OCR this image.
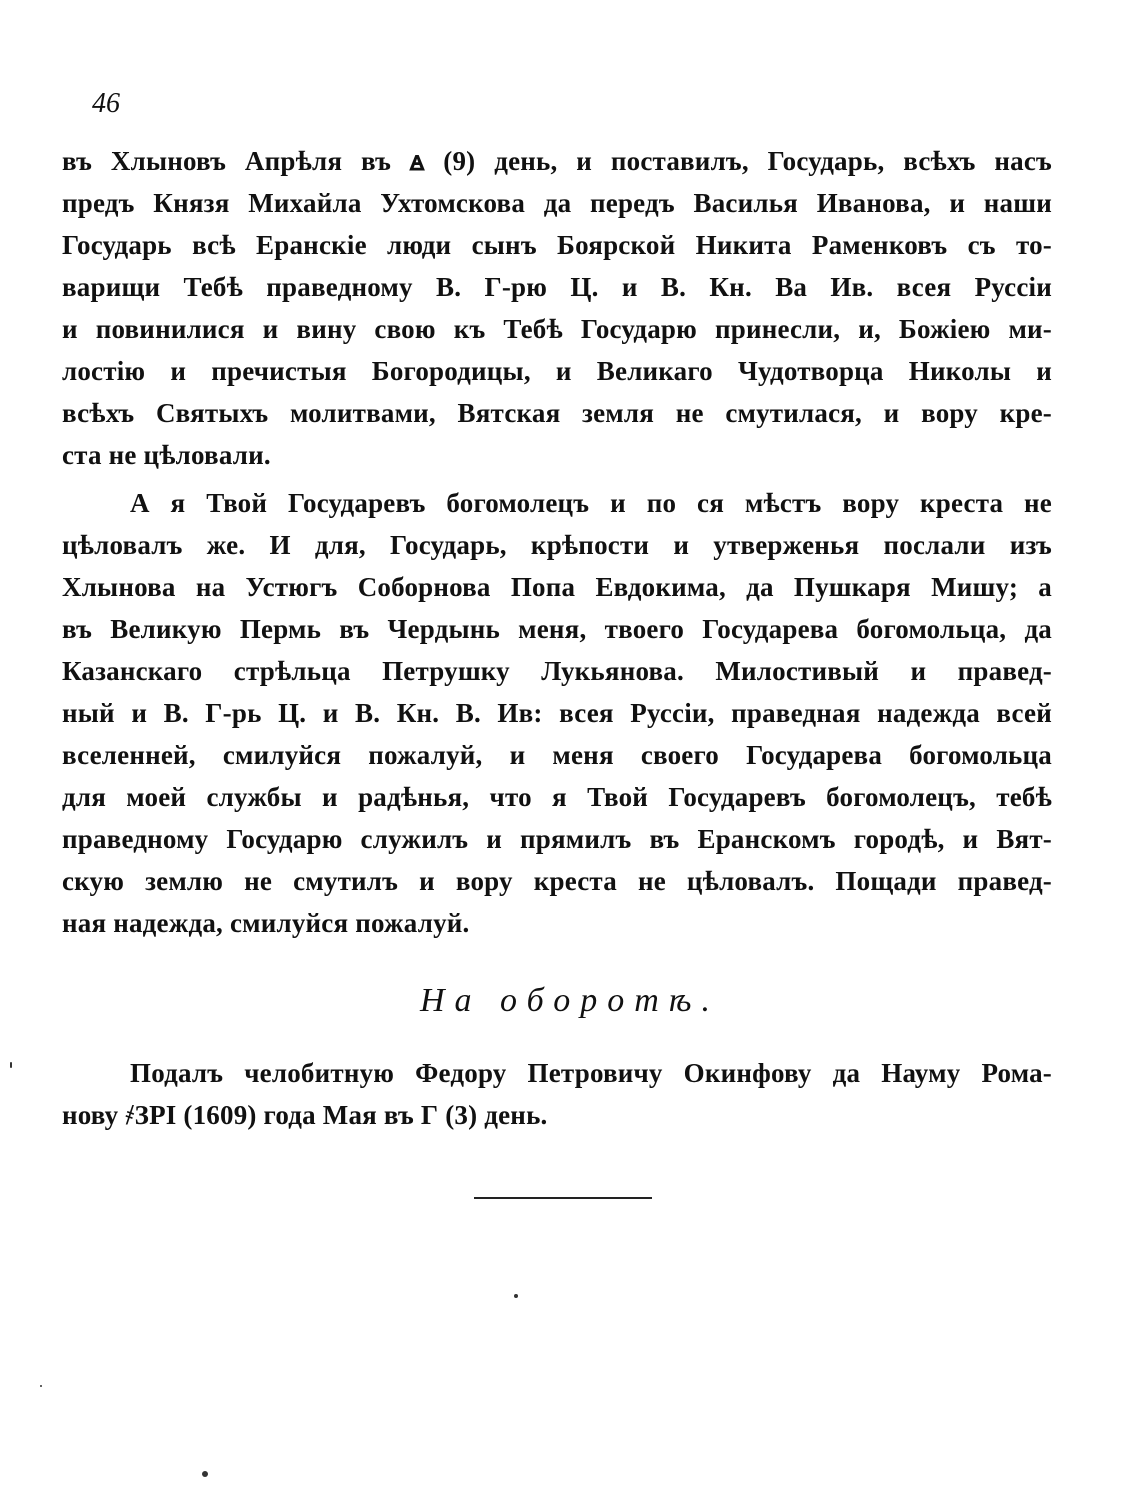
46
въ Хлыновъ Апрѣля въ ꙙ (9) день, и поставилъ, Государь, всѣхъ насъ
предъ Князя Михайла Ухтомскова да передъ Василья Иванова, и наши
Государь всѣ Еранскіе люди сынъ Боярской Никита Раменковъ съ то-
варищи Тебѣ праведному В. Г-рю Ц. и В. Кн. Ва Ив. всея Руссіи
и повинилися и вину свою къ Тебѣ Государю принесли, и, Божіею ми-
лостію и пречистыя Богородицы, и Великаго Чудотворца Николы и
всѣхъ Святыхъ молитвами, Вятская земля не смутилася, и вору кре-
ста не цѣловали.
А я Твой Государевъ богомолецъ и по ся мѣстъ вору креста не
цѣловалъ же. И для, Государь, крѣпости и утверженья послали изъ
Хлынова на Устюгъ Соборнова Попа Евдокима, да Пушкаря Мишу; а
въ Великую Пермь въ Чердынь меня, твоего Государева богомольца, да
Казанскаго стрѣльца Петрушку Лукьянова. Милостивый и правед-
ный и В. Г-рь Ц. и В. Кн. В. Ив: всея Руссіи, праведная надежда всей
вселенней, смилуйся пожалуй, и меня своего Государева богомольца
для моей службы и радѣнья, что я Твой Государевъ богомолецъ, тебѣ
праведному Государю служилъ и прямилъ въ Еранскомъ городѣ, и Вят-
скую землю не смутилъ и вору креста не цѣловалъ. Пощади правед-
ная надежда, смилуйся пожалуй.
На оборотѣ.
Подалъ челобитную Федору Петровичу Окинфову да Науму Рома-
нову ҂ЗРІ (1609) года Мая въ Г (3) день.
